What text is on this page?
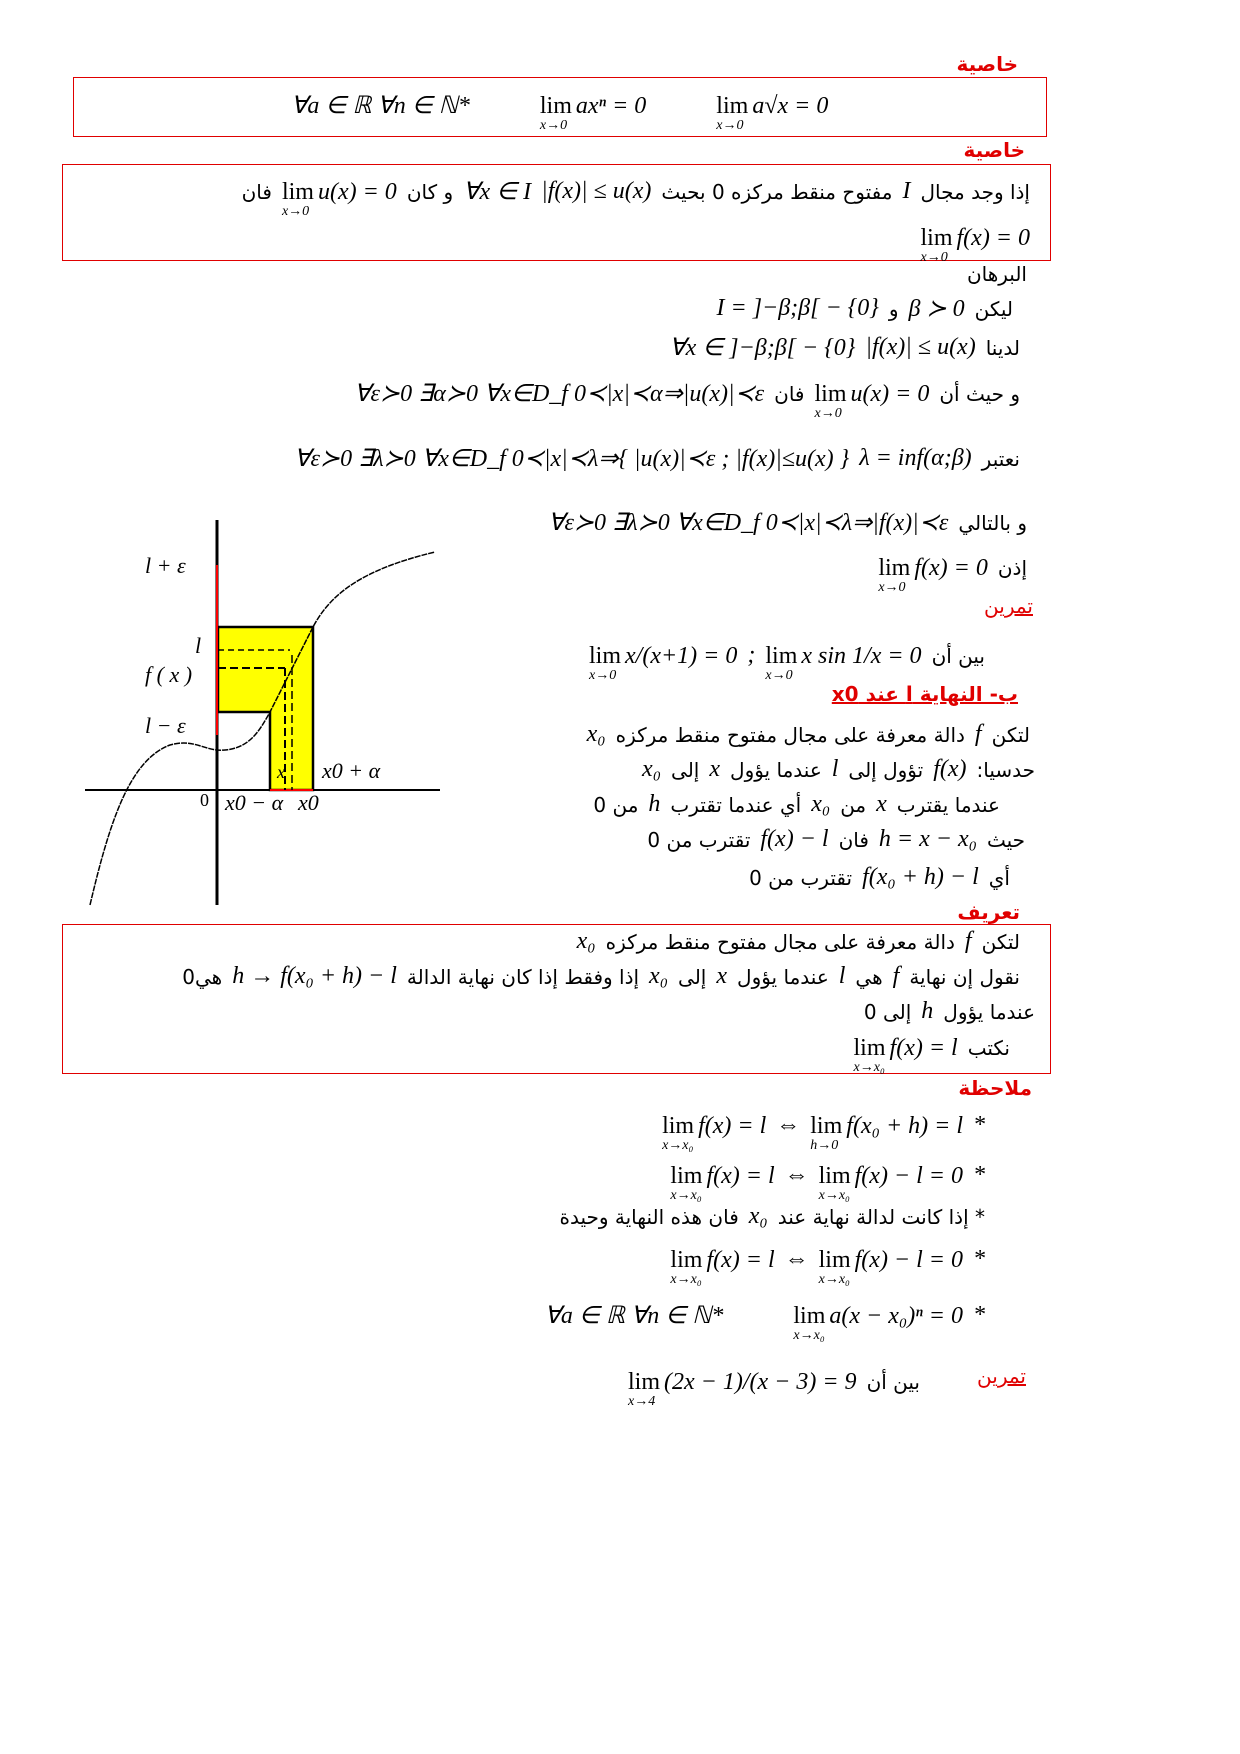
خاصية
خاصية
تمرين
ب- النهاية l عند x0
تعريف
ملاحظة
تمرين
lim a√x = 0
x→0
lim axⁿ = 0
x→0
∀a ∈ ℝ ∀n ∈ ℕ*
إذا وجد مجال
I
مفتوح منقط مركزه 0 بحيث
|f(x)| ≤ u(x)
∀x ∈ I
و كان
lim u(x) = 0
x→0
فان
lim f(x) = 0
x→0
البرهان
ليكن
β ≻ 0
و
I = ]−β;β[ − {0}
لدينا
|f(x)| ≤ u(x)
∀x ∈ ]−β;β[ − {0}
و حيث أن
lim u(x) = 0
x→0
فان
∀ε≻0 ∃α≻0 ∀x∈D_f 0≺|x|≺α⇒|u(x)|≺ε
نعتبر
λ = inf(α;β)
∀ε≻0 ∃λ≻0 ∀x∈D_f 0≺|x|≺λ⇒{ |u(x)|≺ε ; |f(x)|≤u(x) }
و بالتالي
∀ε≻0 ∃λ≻0 ∀x∈D_f 0≺|x|≺λ⇒|f(x)|≺ε
إذن
lim f(x) = 0
x→0
بين أن
lim x sin 1/x = 0
x→0
;
lim x/(x+1) = 0
x→0
لتكن
f
دالة معرفة على مجال مفتوح منقط مركزه
x₀
حدسيا:
f(x)
تؤول إلى
l
عندما يؤول
x
إلى
x₀
عندما يقترب
x
من
x₀
أي عندما تقترب
h
من 0
حيث
h = x − x₀
فان
f(x) − l
تقترب من 0
أي
f(x₀ + h) − l
تقترب من 0
لتكن
f
دالة معرفة على مجال مفتوح منقط مركزه
x₀
نقول إن نهاية
f
هي
l
عندما يؤول
x
إلى
x₀
إذا وفقط إذا كان نهاية الدالة
h → f(x₀ + h) − l
هي0
عندما يؤول
h
إلى 0
نكتب
lim f(x) = l
x→x₀
*
lim f(x₀ + h) = l
h→0
⇔
lim f(x) = l
x→x₀
*
lim f(x) − l = 0
x→x₀
⇔
lim f(x) = l
x→x₀
* إذا كانت لدالة نهاية عند
x₀
فان هذه النهاية وحيدة
*
lim f(x) − l = 0
x→x₀
⇔
lim f(x) = l
x→x₀
*
lim a(x − x₀)ⁿ = 0
x→x₀
∀a ∈ ℝ ∀n ∈ ℕ*
بين أن
lim (2x − 1)/(x − 3) = 9
x→4
l + ε
l
f ( x )
l − ε
0 x0 − α x0
x0 + α
x
